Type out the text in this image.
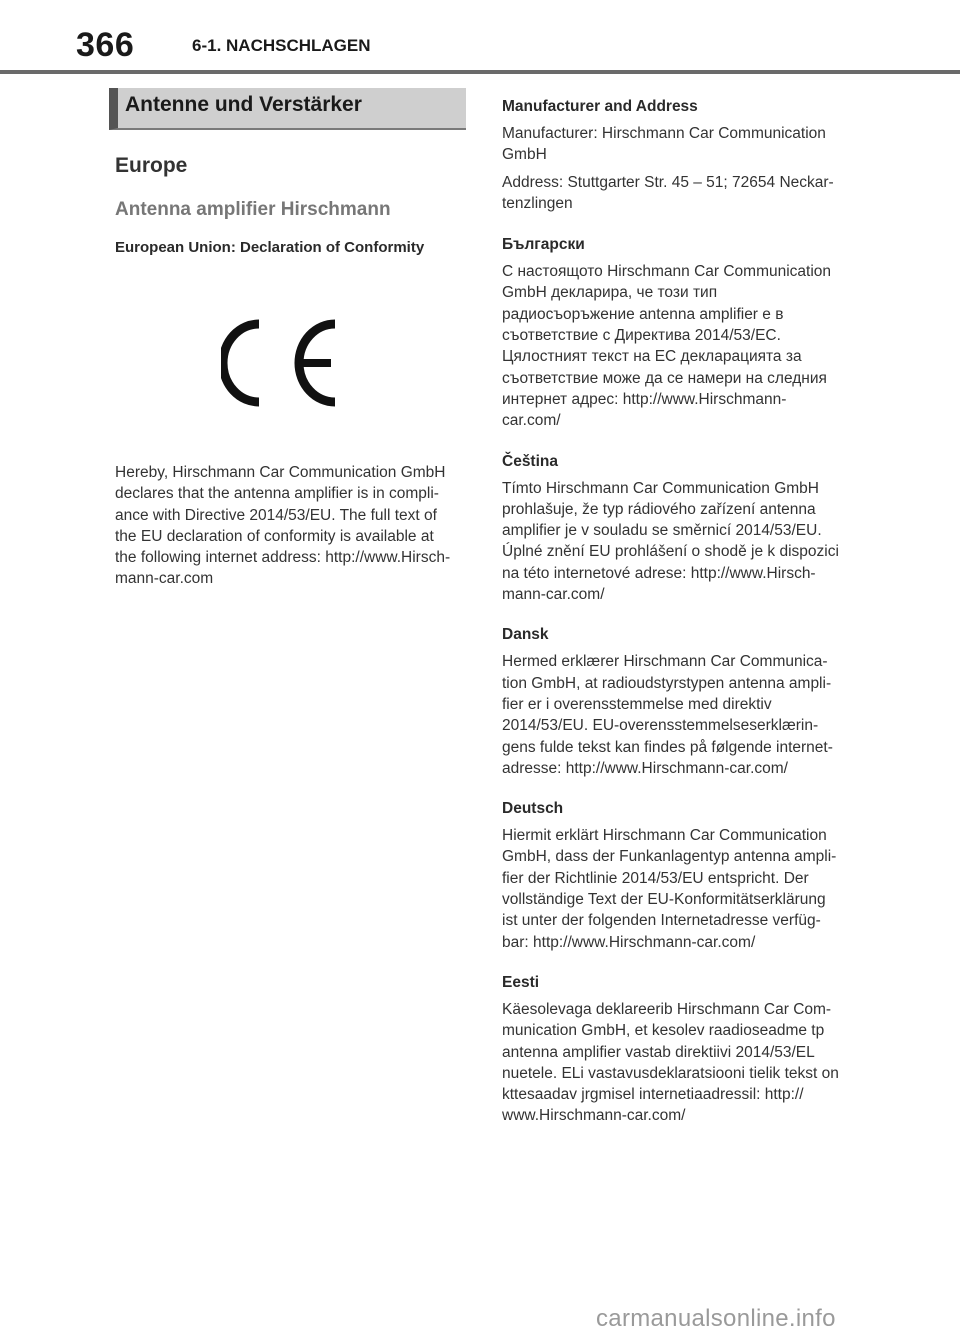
366	6-1. NACHSCHLAGEN
Antenne und Verstärker
Europe
Antenna amplifier Hirschmann
European Union: Declaration of Conformity
Hereby, Hirschmann Car Communication GmbH
declares that the antenna amplifier is in compli-
ance with Directive 2014/53/EU. The full text of
the EU declaration of conformity is available at
the following internet address: http://www.Hirsch-
mann-car.com
Manufacturer and Address
Manufacturer: Hirschmann Car Communication
GmbH
Address: Stuttgarter Str. 45 – 51; 72654 Neckar-
tenzlingen
Български
С настоящото Hirschmann Car Communication
GmbH декларира, че този тип
радиосъоръжение antenna amplifier е в
съответствие с Директива 2014/53/ЕС.
Цялостният текст на ЕС декларацията за
съответствие може да се намери на следния
интернет адрес: http://www.Hirschmann-
car.com/
Čeština
Tímto Hirschmann Car Communication GmbH
prohlašuje, že typ rádiového zařízení antenna
amplifier je v souladu se směrnicí 2014/53/EU.
Úplné znění EU prohlášení o shodě je k dispozici
na této internetové adrese: http://www.Hirsch-
mann-car.com/
Dansk
Hermed erklærer Hirschmann Car Communica-
tion GmbH, at radioudstyrstypen antenna ampli-
fier er i overensstemmelse med direktiv
2014/53/EU. EU-overensstemmelseserklærin-
gens fulde tekst kan findes på følgende internet-
adresse: http://www.Hirschmann-car.com/
Deutsch
Hiermit erklärt Hirschmann Car Communication
GmbH, dass der Funkanlagentyp antenna ampli-
fier der Richtlinie 2014/53/EU entspricht. Der
vollständige Text der EU-Konformitätserklärung
ist unter der folgenden Internetadresse verfüg-
bar: http://www.Hirschmann-car.com/
Eesti
Käesolevaga deklareerib Hirschmann Car Com-
munication GmbH, et kesolev raadioseadme tp
antenna amplifier vastab direktiivi 2014/53/EL
nuetele. ELi vastavusdeklaratsiooni tielik tekst on
kttesaadav jrgmisel internetiaadressil: http://
www.Hirschmann-car.com/
carmanualsonline.info
